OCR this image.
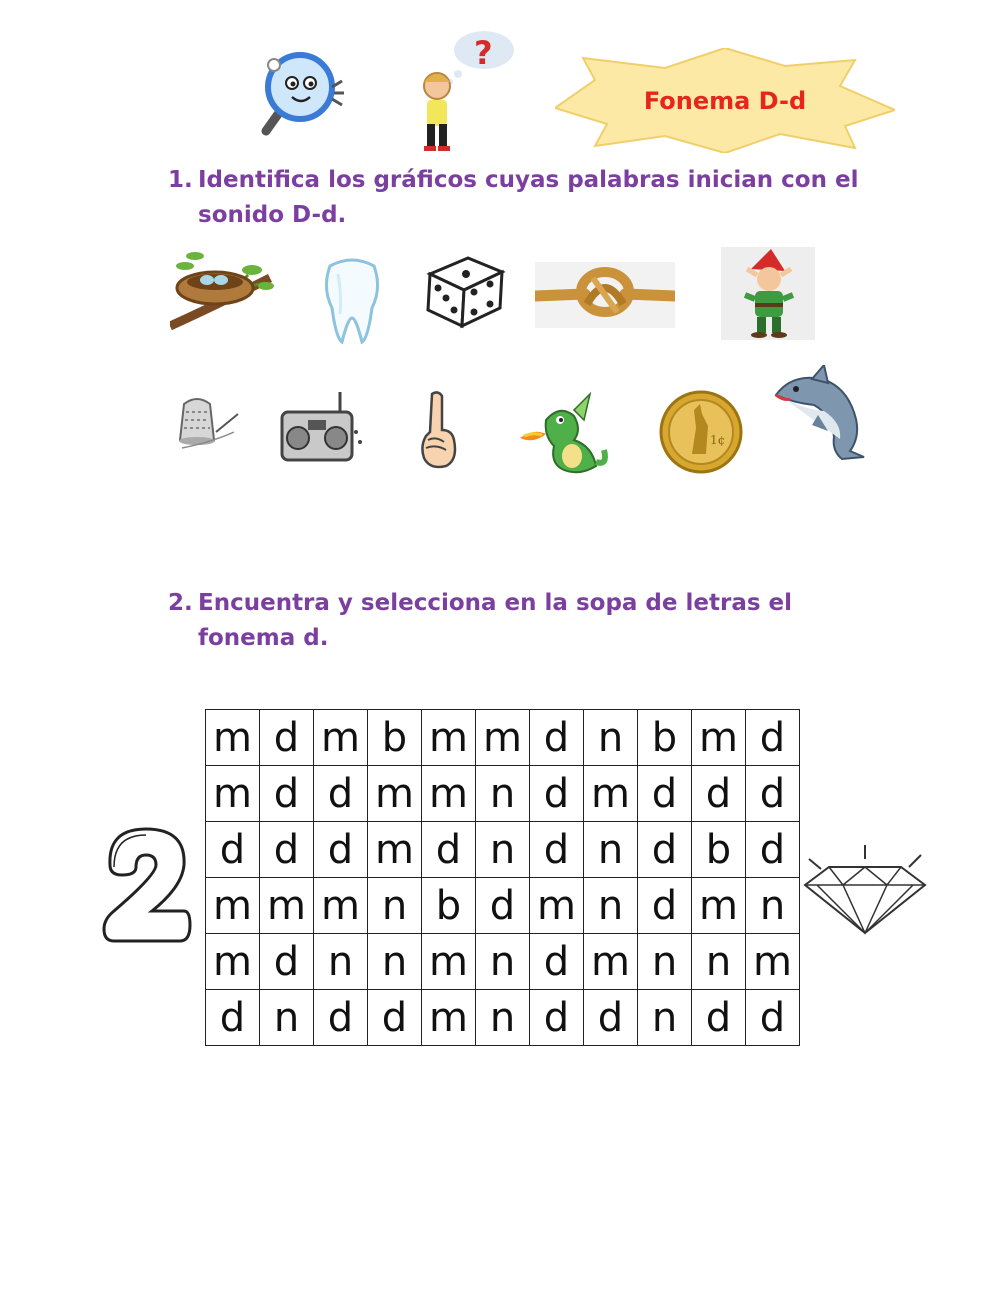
?
Fonema D-d
1. Identifica los gráficos cuyas palabras inician con el sonido D-d.
1¢
2. Encuentra y selecciona en la sopa de letras el fonema d.
m	d	m	b	m	m	d	n	b	m	d
m	d	d	m	m	n	d	m	d	d	d
d	d	d	m	d	n	d	n	d	b	d
m	m	m	n	b	d	m	n	d	m	n
m	d	n	n	m	n	d	m	n	n	m
d	n	d	d	m	n	d	d	n	d	d
